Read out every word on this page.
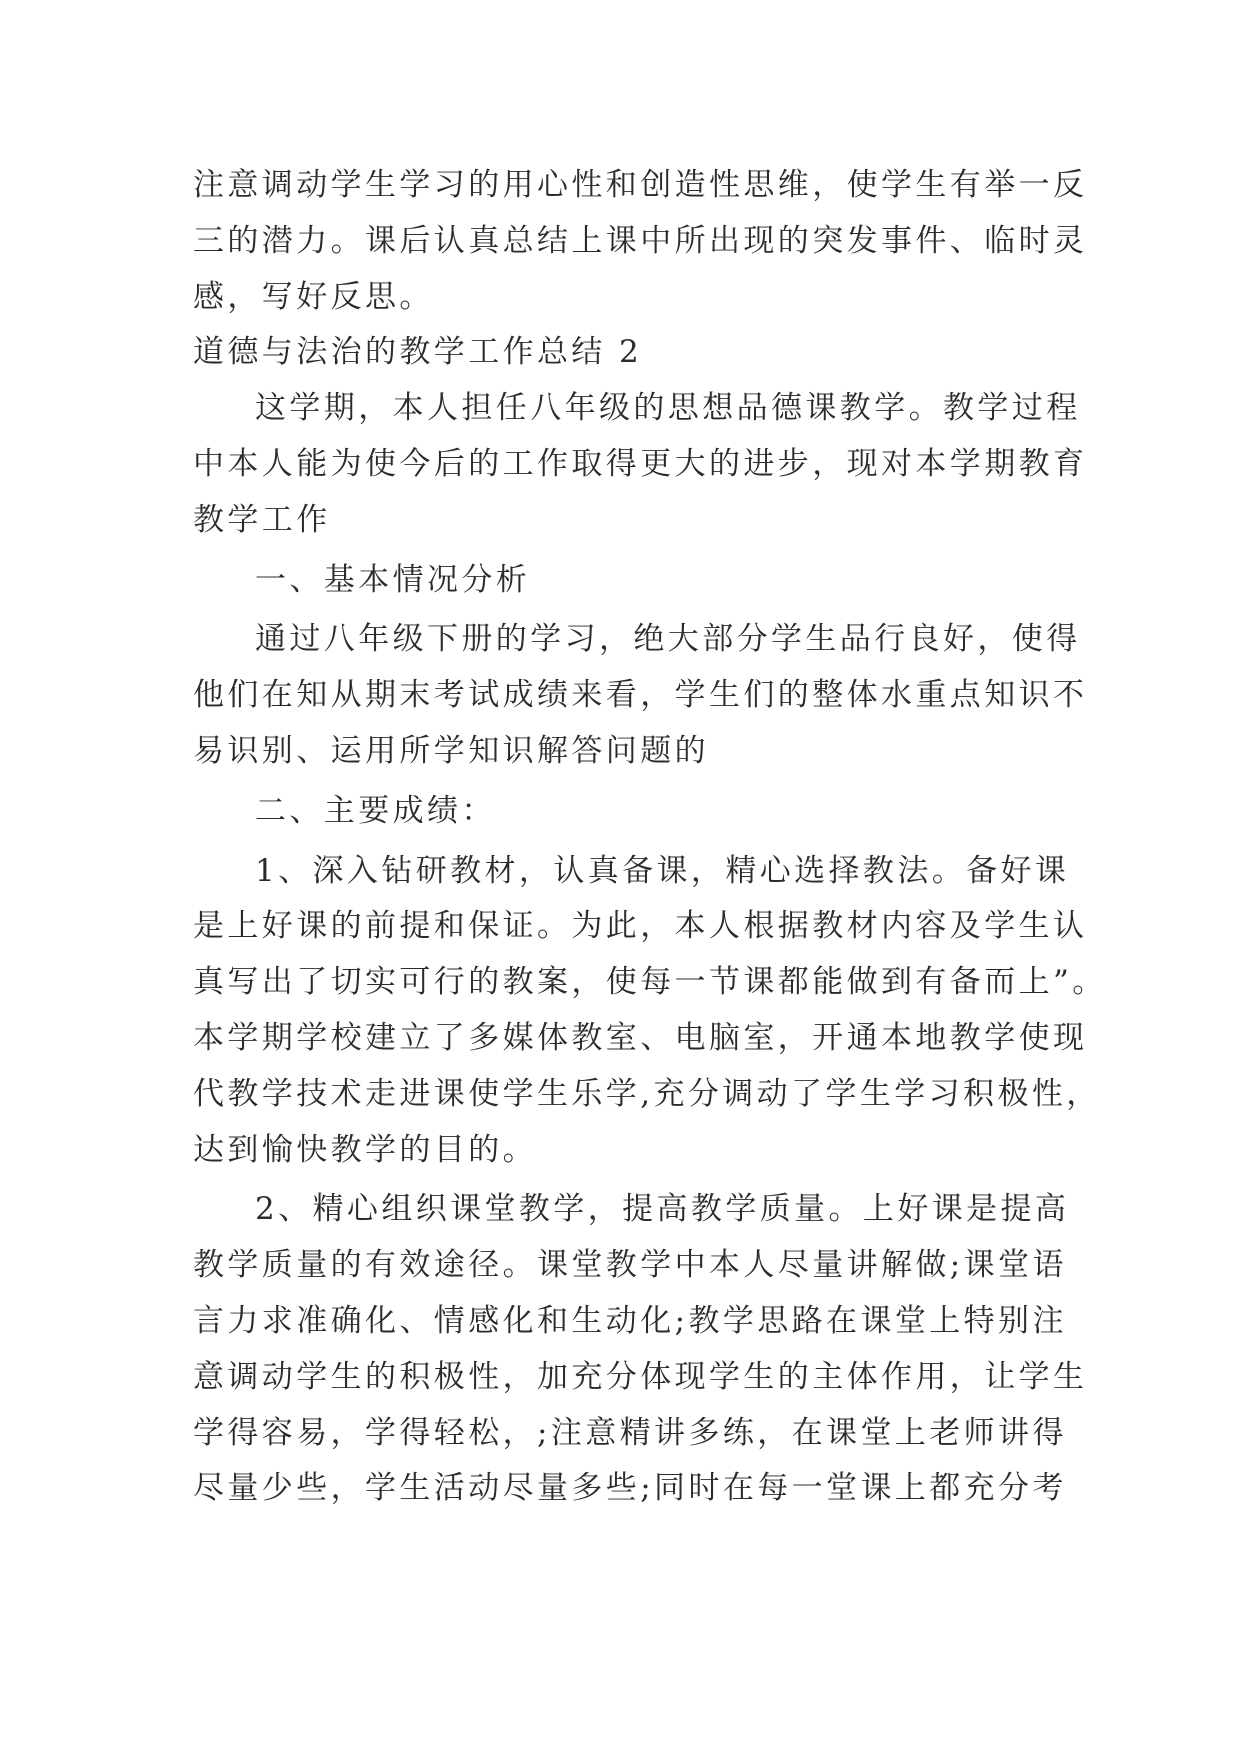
注意调动学生学习的用心性和创造性思维，使学生有举一反
三的潜力。课后认真总结上课中所出现的突发事件、临时灵
感，写好反思。
道德与法治的教学工作总结 2
这学期，本人担任八年级的思想品德课教学。教学过程
中本人能为使今后的工作取得更大的进步，现对本学期教育
教学工作
一、基本情况分析
通过八年级下册的学习，绝大部分学生品行良好，使得
他们在知从期末考试成绩来看，学生们的整体水重点知识不
易识别、运用所学知识解答问题的
二、主要成绩：
1、深入钻研教材，认真备课，精心选择教法。备好课
是上好课的前提和保证。为此，本人根据教材内容及学生认
真写出了切实可行的教案，使每一节课都能做到有备而上”。
本学期学校建立了多媒体教室、电脑室，开通本地教学使现
代教学技术走进课使学生乐学,充分调动了学生学习积极性，
达到愉快教学的目的。
2、精心组织课堂教学，提高教学质量。上好课是提高
教学质量的有效途径。课堂教学中本人尽量讲解做;课堂语
言力求准确化、情感化和生动化;教学思路在课堂上特别注
意调动学生的积极性，加充分体现学生的主体作用，让学生
学得容易，学得轻松，;注意精讲多练，在课堂上老师讲得
尽量少些，学生活动尽量多些;同时在每一堂课上都充分考
